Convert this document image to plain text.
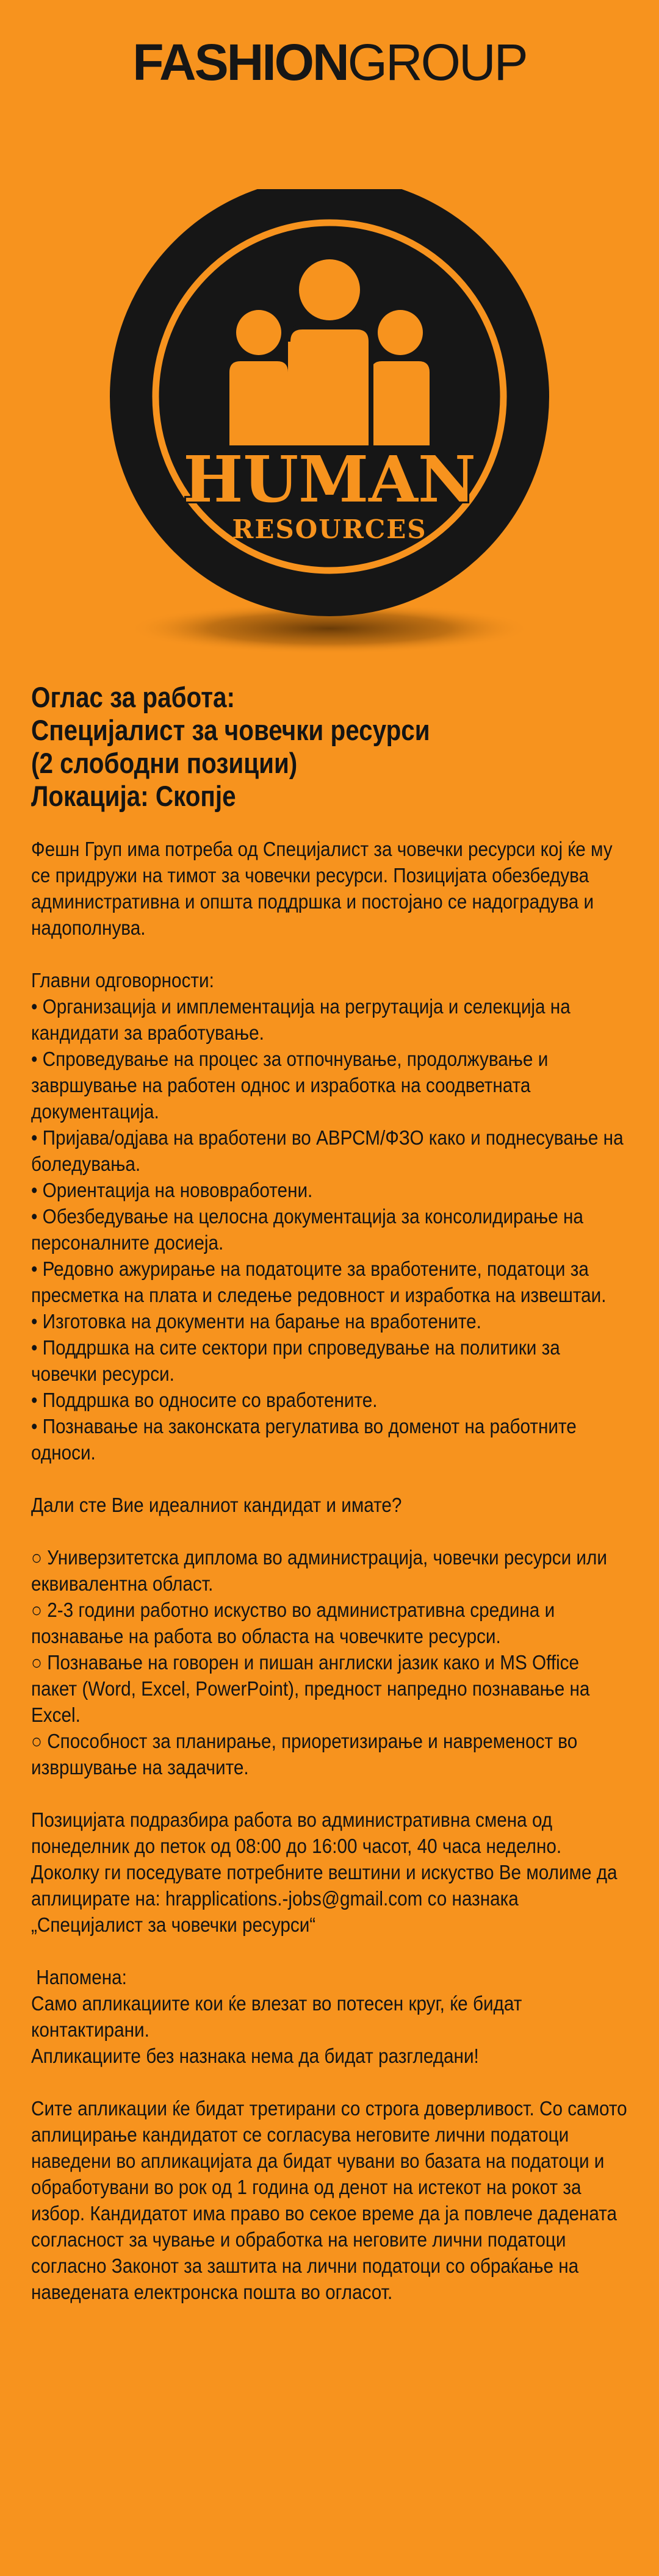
FASHIONGROUP
HUMAN
RESOURCES
Оглас за работа:
Специјалист за човечки ресурси
(2 слободни позиции)
Локација: Скопје

Фешн Груп има потреба од Специјалист за човечки ресурси кој ќе му се придружи на тимот за човечки ресурси. Позицијата обезбедува административна и општа поддршка и постојано се надоградува и надополнува.

Главни одговорности:
• Организација и имплементација на регрутација и селекција на кандидати за вработување.
• Спроведување на процес за отпочнување, продолжување и завршување на работен однос и изработка на соодветната документација.
• Пријава/одјава на вработени во АВРСМ/ФЗО како и поднесување на боледувања.
• Ориентација на нововработени.
• Обезбедување на целосна документација за консолидирање на персоналните досиеја.
• Редовно ажурирање на податоците за вработените, податоци за пресметка на плата и следење редовност и изработка на извештаи.
• Изготовка на документи на барање на вработените.
• Поддршка на сите сектори при спроведување на политики за човечки ресурси.
• Поддршка во односите со вработените.
• Познавање на законската регулатива во доменот на работните односи.
Дали сте Вие идеалниот кандидат и имате?
○ Универзитетска диплома во администрација, човечки ресурси или еквивалентна област.
○ 2-3 години работно искуство во административна средина и познавање на работа во областа на човечките ресурси.
○ Познавање на говорен и пишан англиски јазик како и MS Office пакет (Word, Excel, PowerPoint), предност напредно познавање на Excel.
○ Способност за планирање, приоретизирање и навременост во извршување на задачите.

Позицијата подразбира работа во административна смена од понеделник до петок од 08:00 до 16:00 часот, 40 часа неделно. Доколку ги поседувате потребните вештини и искуство Ве молиме да аплицирате на: hrapplications.-jobs@gmail.com со назнака „Специјалист за човечки ресурси“

Напомена:
Само апликациите кои ќе влезат во потесен круг, ќе бидат контактирани.
Апликациите без назнака нема да бидат разгледани!

Сите апликации ќе бидат третирани со строга доверливост. Со самото аплицирање кандидатот се согласува неговите лични податоци наведени во апликацијата да бидат чувани во базата на податоци и обработувани во рок од 1 година од денот на истекот на рокот за избор. Кандидатот има право во секое време да ја повлече дадената согласност за чување и обработка на неговите лични податоци согласно Законот за заштита на лични податоци со обраќање на наведената електронска пошта во огласот.
